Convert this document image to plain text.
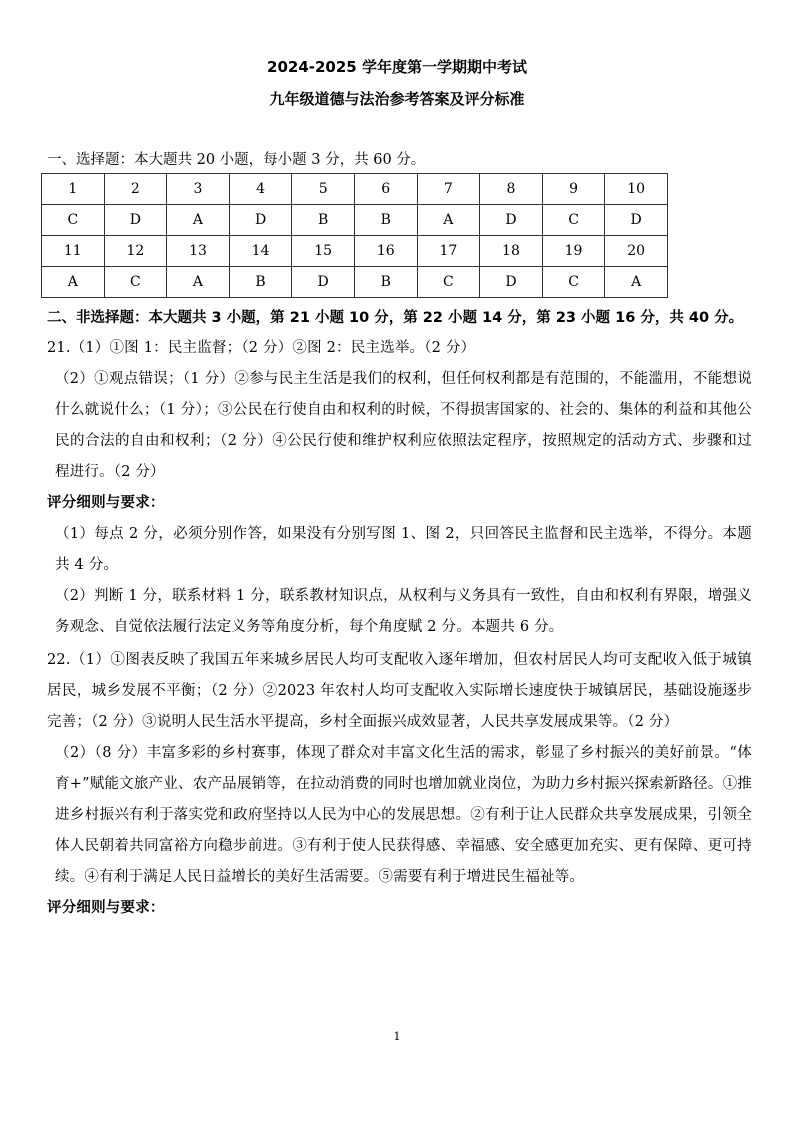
2024-2025 学年度第一学期期中考试
九年级道德与法治参考答案及评分标准
一、选择题：本大题共 20 小题，每小题 3 分，共 60 分。
1	2	3	4	5	6	7	8	9	10
C	D	A	D	B	B	A	D	C	D
11	12	13	14	15	16	17	18	19	20
A	C	A	B	D	B	C	D	C	A
二、非选择题：本大题共 3 小题，第 21 小题 10 分，第 22 小题 14 分，第 23 小题 16 分，共 40 分。

21.（1）①图 1：民主监督；（2 分）②图 2：民主选举。（2 分）

（2）①观点错误；（1 分）②参与民主生活是我们的权利，但任何权利都是有范围的，不能滥用，不能想说什么就说什么；（1 分）；③公民在行使自由和权利的时候，不得损害国家的、社会的、集体的利益和其他公民的合法的自由和权利；（2 分）④公民行使和维护权利应依照法定程序，按照规定的活动方式、步骤和过程进行。（2 分）

评分细则与要求：

（1）每点 2 分，必须分别作答，如果没有分别写图 1、图 2，只回答民主监督和民主选举，不得分。本题共 4 分。

（2）判断 1 分，联系材料 1 分，联系教材知识点，从权利与义务具有一致性，自由和权利有界限，增强义务观念、自觉依法履行法定义务等角度分析，每个角度赋 2 分。本题共 6 分。

22.（1）①图表反映了我国五年来城乡居民人均可支配收入逐年增加，但农村居民人均可支配收入低于城镇居民，城乡发展不平衡；（2 分）②2023 年农村人均可支配收入实际增长速度快于城镇居民，基础设施逐步完善；（2 分）③说明人民生活水平提高，乡村全面振兴成效显著，人民共享发展成果等。（2 分）

（2）（8 分）丰富多彩的乡村赛事，体现了群众对丰富文化生活的需求，彰显了乡村振兴的美好前景。“体育+”赋能文旅产业、农产品展销等，在拉动消费的同时也增加就业岗位，为助力乡村振兴探索新路径。①推进乡村振兴有利于落实党和政府坚持以人民为中心的发展思想。②有利于让人民群众共享发展成果，引领全体人民朝着共同富裕方向稳步前进。③有利于使人民获得感、幸福感、安全感更加充实、更有保障、更可持续。④有利于满足人民日益增长的美好生活需要。⑤需要有利于增进民生福祉等。

评分细则与要求：

1
